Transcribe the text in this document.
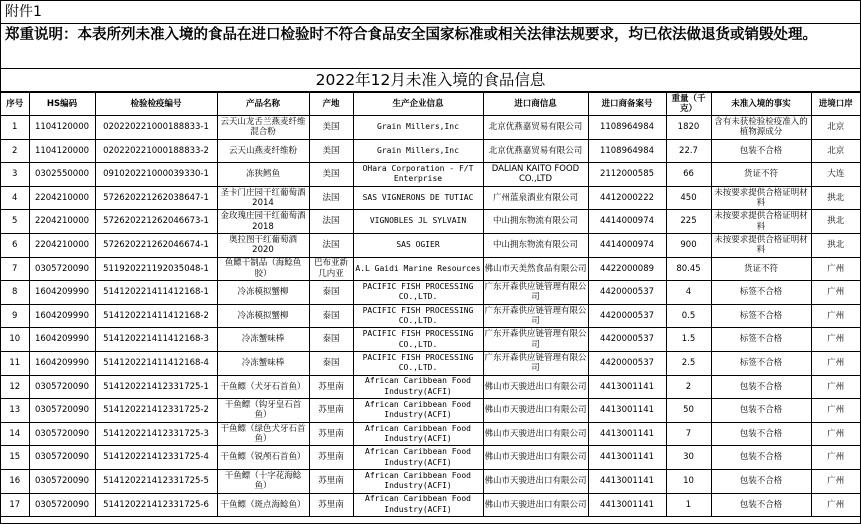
附件1
郑重说明：本表所列未准入境的食品在进口检验时不符合食品安全国家标准或相关法律法规要求，均已依法做退货或销毁处理。
2022年12月未准入境的食品信息
序号	HS编码	检验检疫编号	产品名称	产地	生产企业信息	进口商信息	进口商备案号	重量（千克）	未准入境的事实	进境口岸
1	1104120000	020220221000188833-1	云天山龙舌兰燕麦纤维混合粉	美国	Grain Millers,Inc	北京优燕嘉贸易有限公司	1108964984	1820	含有未获检验检疫准入的植物源成分	北京
2	1104120000	020220221000188833-2	云天山燕麦纤维粉	美国	Grain Millers,Inc	北京优燕嘉贸易有限公司	1108964984	22.7	包装不合格	北京
3	0302550000	091020221000039330-1	冻狭鳕鱼	美国	OHara Corporation - F/T Enterprise	DALIAN KAITO FOOD CO.,LTD	2112000585	66	货证不符	大连
4	2204210000	572620221262038647-1	圣卡门庄园干红葡萄酒2014	法国	SAS VIGNERONS DE TUTIAC	广州蓝泉酒业有限公司	4412000222	450	未按要求提供合格证明材料	拱北
5	2204210000	572620221262046673-1	金玫瑰庄园干红葡萄酒2018	法国	VIGNOBLES JL SYLVAIN	中山拥东物流有限公司	4414000974	225	未按要求提供合格证明材料	拱北
6	2204210000	572620221262046674-1	奥拉图干红葡萄酒2020	法国	SAS OGIER	中山拥东物流有限公司	4414000974	900	未按要求提供合格证明材料	拱北
7	0305720090	511920221192035048-1	鱼鳔干制品（海鲶鱼胶）	巴布亚新几内亚	A.L Gaidi Marine Resources	佛山市天美然食品有限公司	4422000089	80.45	货证不符	广州
8	1604209990	514120221411412168-1	冷冻模拟蟹柳	泰国	PACIFIC FISH PROCESSING CO.,LTD.	广东开森供应链管理有限公司	4420000537	4	标签不合格	广州
9	1604209990	514120221411412168-2	冷冻模拟蟹柳	泰国	PACIFIC FISH PROCESSING CO.,LTD.	广东开森供应链管理有限公司	4420000537	0.5	标签不合格	广州
10	1604209990	514120221411412168-3	冷冻蟹味棒	泰国	PACIFIC FISH PROCESSING CO.,LTD.	广东开森供应链管理有限公司	4420000537	1.5	标签不合格	广州
11	1604209990	514120221411412168-4	冷冻蟹味棒	泰国	PACIFIC FISH PROCESSING CO.,LTD.	广东开森供应链管理有限公司	4420000537	2.5	标签不合格	广州
12	0305720090	514120221412331725-1	干鱼鳔（犬牙石首鱼）	苏里南	African Caribbean Food Industry(ACFI)	佛山市天骏进出口有限公司	4413001141	2	包装不合格	广州
13	0305720090	514120221412331725-2	干鱼鳔（钩牙皇石首鱼）	苏里南	African Caribbean Food Industry(ACFI)	佛山市天骏进出口有限公司	4413001141	50	包装不合格	广州
14	0305720090	514120221412331725-3	干鱼鳔（绿色犬牙石首鱼）	苏里南	African Caribbean Food Industry(ACFI)	佛山市天骏进出口有限公司	4413001141	7	包装不合格	广州
15	0305720090	514120221412331725-4	干鱼鳔（锐颅石首鱼）	苏里南	African Caribbean Food Industry(ACFI)	佛山市天骏进出口有限公司	4413001141	30	包装不合格	广州
16	0305720090	514120221412331725-5	干鱼鳔（十字花海鲶鱼）	苏里南	African Caribbean Food Industry(ACFI)	佛山市天骏进出口有限公司	4413001141	10	包装不合格	广州
17	0305720090	514120221412331725-6	干鱼鳔（斑点海鲶鱼）	苏里南	African Caribbean Food Industry(ACFI)	佛山市天骏进出口有限公司	4413001141	1	包装不合格	广州
